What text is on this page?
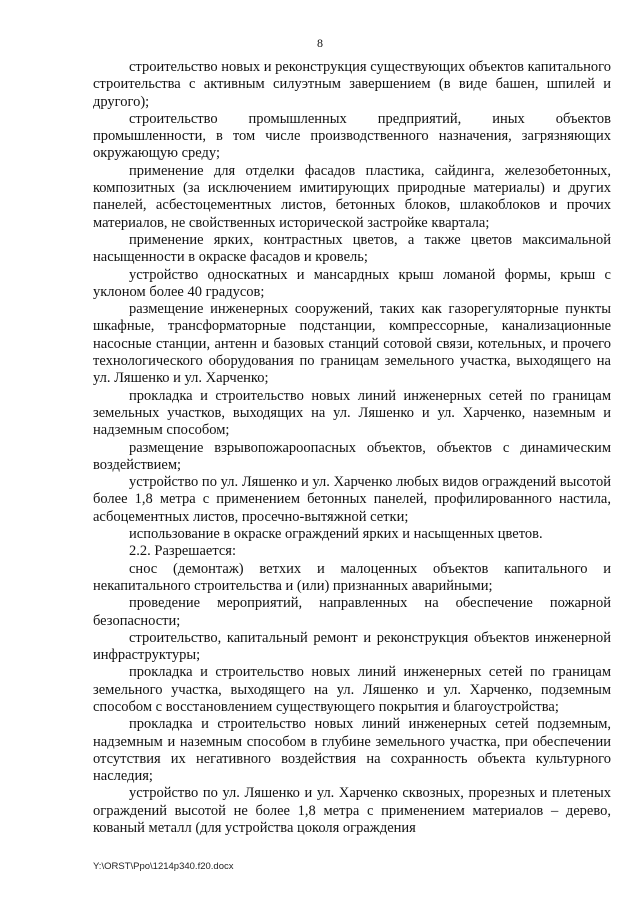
8

строительство новых и реконструкция существующих объектов капитального строительства с активным силуэтным завершением (в виде башен, шпилей и другого);

строительство промышленных предприятий, иных объектов промышленности, в том числе производственного назначения, загрязняющих окружающую среду;

применение для отделки фасадов пластика, сайдинга, железобетонных, композитных (за исключением имитирующих природные материалы) и других панелей, асбестоцементных листов, бетонных блоков, шлакоблоков и прочих материалов, не свойственных исторической застройке квартала;

применение ярких, контрастных цветов, а также цветов максимальной насыщенности в окраске фасадов и кровель;

устройство односкатных и мансардных крыш ломаной формы, крыш с уклоном более 40 градусов;

размещение инженерных сооружений, таких как газорегуляторные пункты шкафные, трансформаторные подстанции, компрессорные, канализационные насосные станции, антенн и базовых станций сотовой связи, котельных, и прочего технологического оборудования по границам земельного участка, выходящего на ул. Ляшенко и ул. Харченко;

прокладка и строительство новых линий инженерных сетей по границам земельных участков, выходящих на ул. Ляшенко и ул. Харченко, наземным и надземным способом;

размещение взрывопожароопасных объектов, объектов с динамическим воздействием;

устройство по ул. Ляшенко и ул. Харченко любых видов ограждений высотой более 1,8 метра с применением бетонных панелей, профилированного настила, асбоцементных листов, просечно-вытяжной сетки;

использование в окраске ограждений ярких и насыщенных цветов.

2.2. Разрешается:

снос (демонтаж) ветхих и малоценных объектов капитального и некапитального строительства и (или) признанных аварийными;

проведение мероприятий, направленных на обеспечение пожарной безопасности;

строительство, капитальный ремонт и реконструкция объектов инженерной инфраструктуры;

прокладка и строительство новых линий инженерных сетей по границам земельного участка, выходящего на ул. Ляшенко и ул. Харченко, подземным способом с восстановлением существующего покрытия и благоустройства;

прокладка и строительство новых линий инженерных сетей подземным, надземным и наземным способом в глубине земельного участка, при обеспечении отсутствия их негативного воздействия на сохранность объекта культурного наследия;

устройство по ул. Ляшенко и ул. Харченко сквозных, прорезных и плетеных ограждений высотой не более 1,8 метра с применением материалов – дерево, кованый металл (для устройства цоколя ограждения

Y:\ORST\Ppo\1214p340.f20.docx
